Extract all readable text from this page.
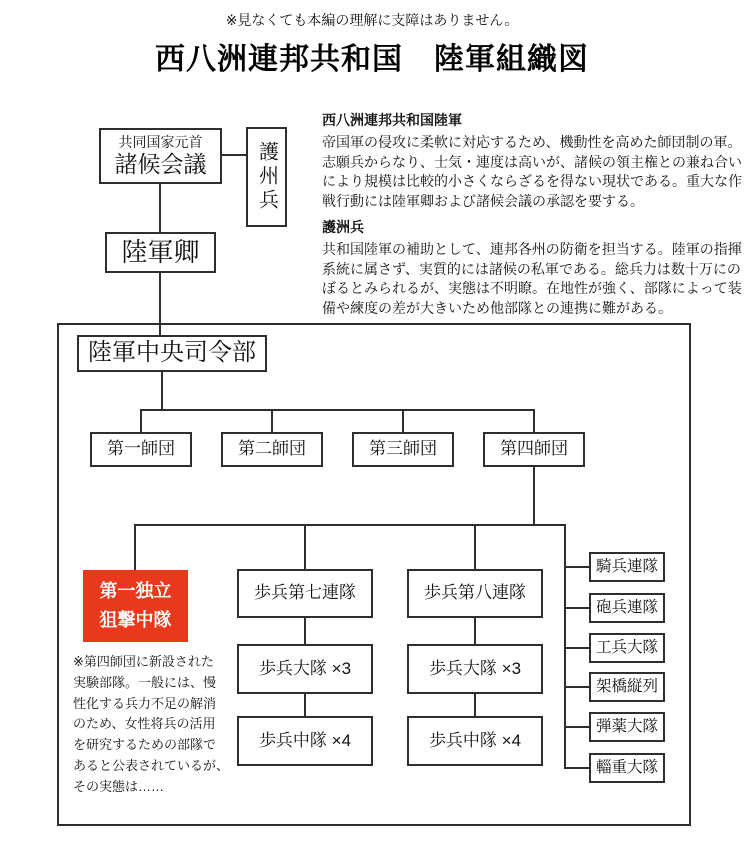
※見なくても本編の理解に支障はありません。
西八洲連邦共和国　陸軍組織図
共同国家元首
諸候会議 護州兵
陸軍卿
西八洲連邦共和国陸軍
帝国軍の侵攻に柔軟に対応するため、機動性を高めた師団制の軍。
志願兵からなり、士気・連度は高いが、諸候の領主権との兼ね合い
により規模は比較的小さくならざるを得ない現状である。重大な作
戦行動には陸軍卿および諸候会議の承認を要する。
護洲兵
共和国陸軍の補助として、連邦各州の防衛を担当する。陸軍の指揮
系統に属さず、実質的には諸候の私軍である。総兵力は数十万にの
ぼるとみられるが、実態は不明瞭。在地性が強く、部隊によって装
備や練度の差が大きいため他部隊との連携に難がある。
陸軍中央司令部
第一師団	第二師団	第三師団	第四師団
第一独立
狙撃中隊
歩兵第七連隊	歩兵第八連隊
歩兵大隊 ×3	歩兵大隊 ×3
歩兵中隊 ×4	歩兵中隊 ×4
騎兵連隊
砲兵連隊
工兵大隊
架橋縦列
弾薬大隊
輜重大隊
※第四師団に新設された
実験部隊。一般には、慢
性化する兵力不足の解消
のため、女性将兵の活用
を研究するための部隊で
あると公表されているが、
その実態は……
